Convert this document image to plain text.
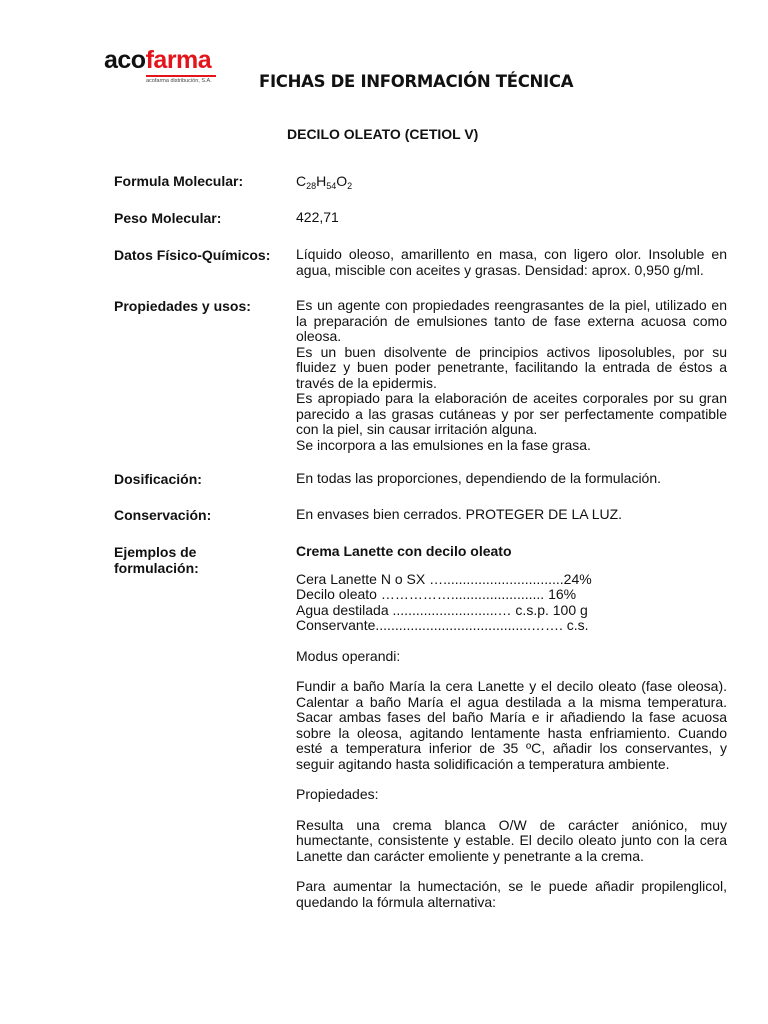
acofarma
acofarma distribución, S.A.	FICHAS DE INFORMACIÓN TÉCNICA
DECILO OLEATO (CETIOL V)
Formula Molecular:	$C_{28}H_{54}O_2$
Peso Molecular:	422,71
Datos Físico-Químicos: Líquido oleoso, amarillento en masa, con ligero olor. Insoluble en agua, miscible con aceites y grasas. Densidad: aprox. 0,950 g/ml.
Propiedades y usos:	Es un agente con propiedades reengrasantes de la piel, utilizado en la preparación de emulsiones tanto de fase externa acuosa como oleosa.

Es un buen disolvente de principios activos liposolubles, por su fluidez y buen poder penetrante, facilitando la entrada de éstos a través de la epidermis.

Es apropiado para la elaboración de aceites corporales por su gran parecido a las grasas cutáneas y por ser perfectamente compatible con la piel, sin causar irritación alguna.

Se incorpora a las emulsiones en la fase grasa.

Dosificación:	En todas las proporciones, dependiendo de la formulación.
Conservación:	En envases bien cerrados. PROTEGER DE LA LUZ.
Ejemplos de
formulación:
Crema Lanette con decilo oleato
Cera Lanette N o SX …...............................24%
Decilo oleato ……………........................ 16%
Agua destilada ...........................… c.s.p. 100 g
Conservante........................................……. c.s.
Modus operandi:
Fundir a baño María la cera Lanette y el decilo oleato (fase oleosa). Calentar a baño María el agua destilada a la misma temperatura. Sacar ambas fases del baño María e ir añadiendo la fase acuosa sobre la oleosa, agitando lentamente hasta enfriamiento. Cuando esté a temperatura inferior de 35 ºC, añadir los conservantes, y seguir agitando hasta solidificación a temperatura ambiente.
Propiedades:
Resulta una crema blanca O/W de carácter aniónico, muy humectante, consistente y estable. El decilo oleato junto con la cera Lanette dan carácter emoliente y penetrante a la crema.
Para aumentar la humectación, se le puede añadir propilenglicol, quedando la fórmula alternativa:
